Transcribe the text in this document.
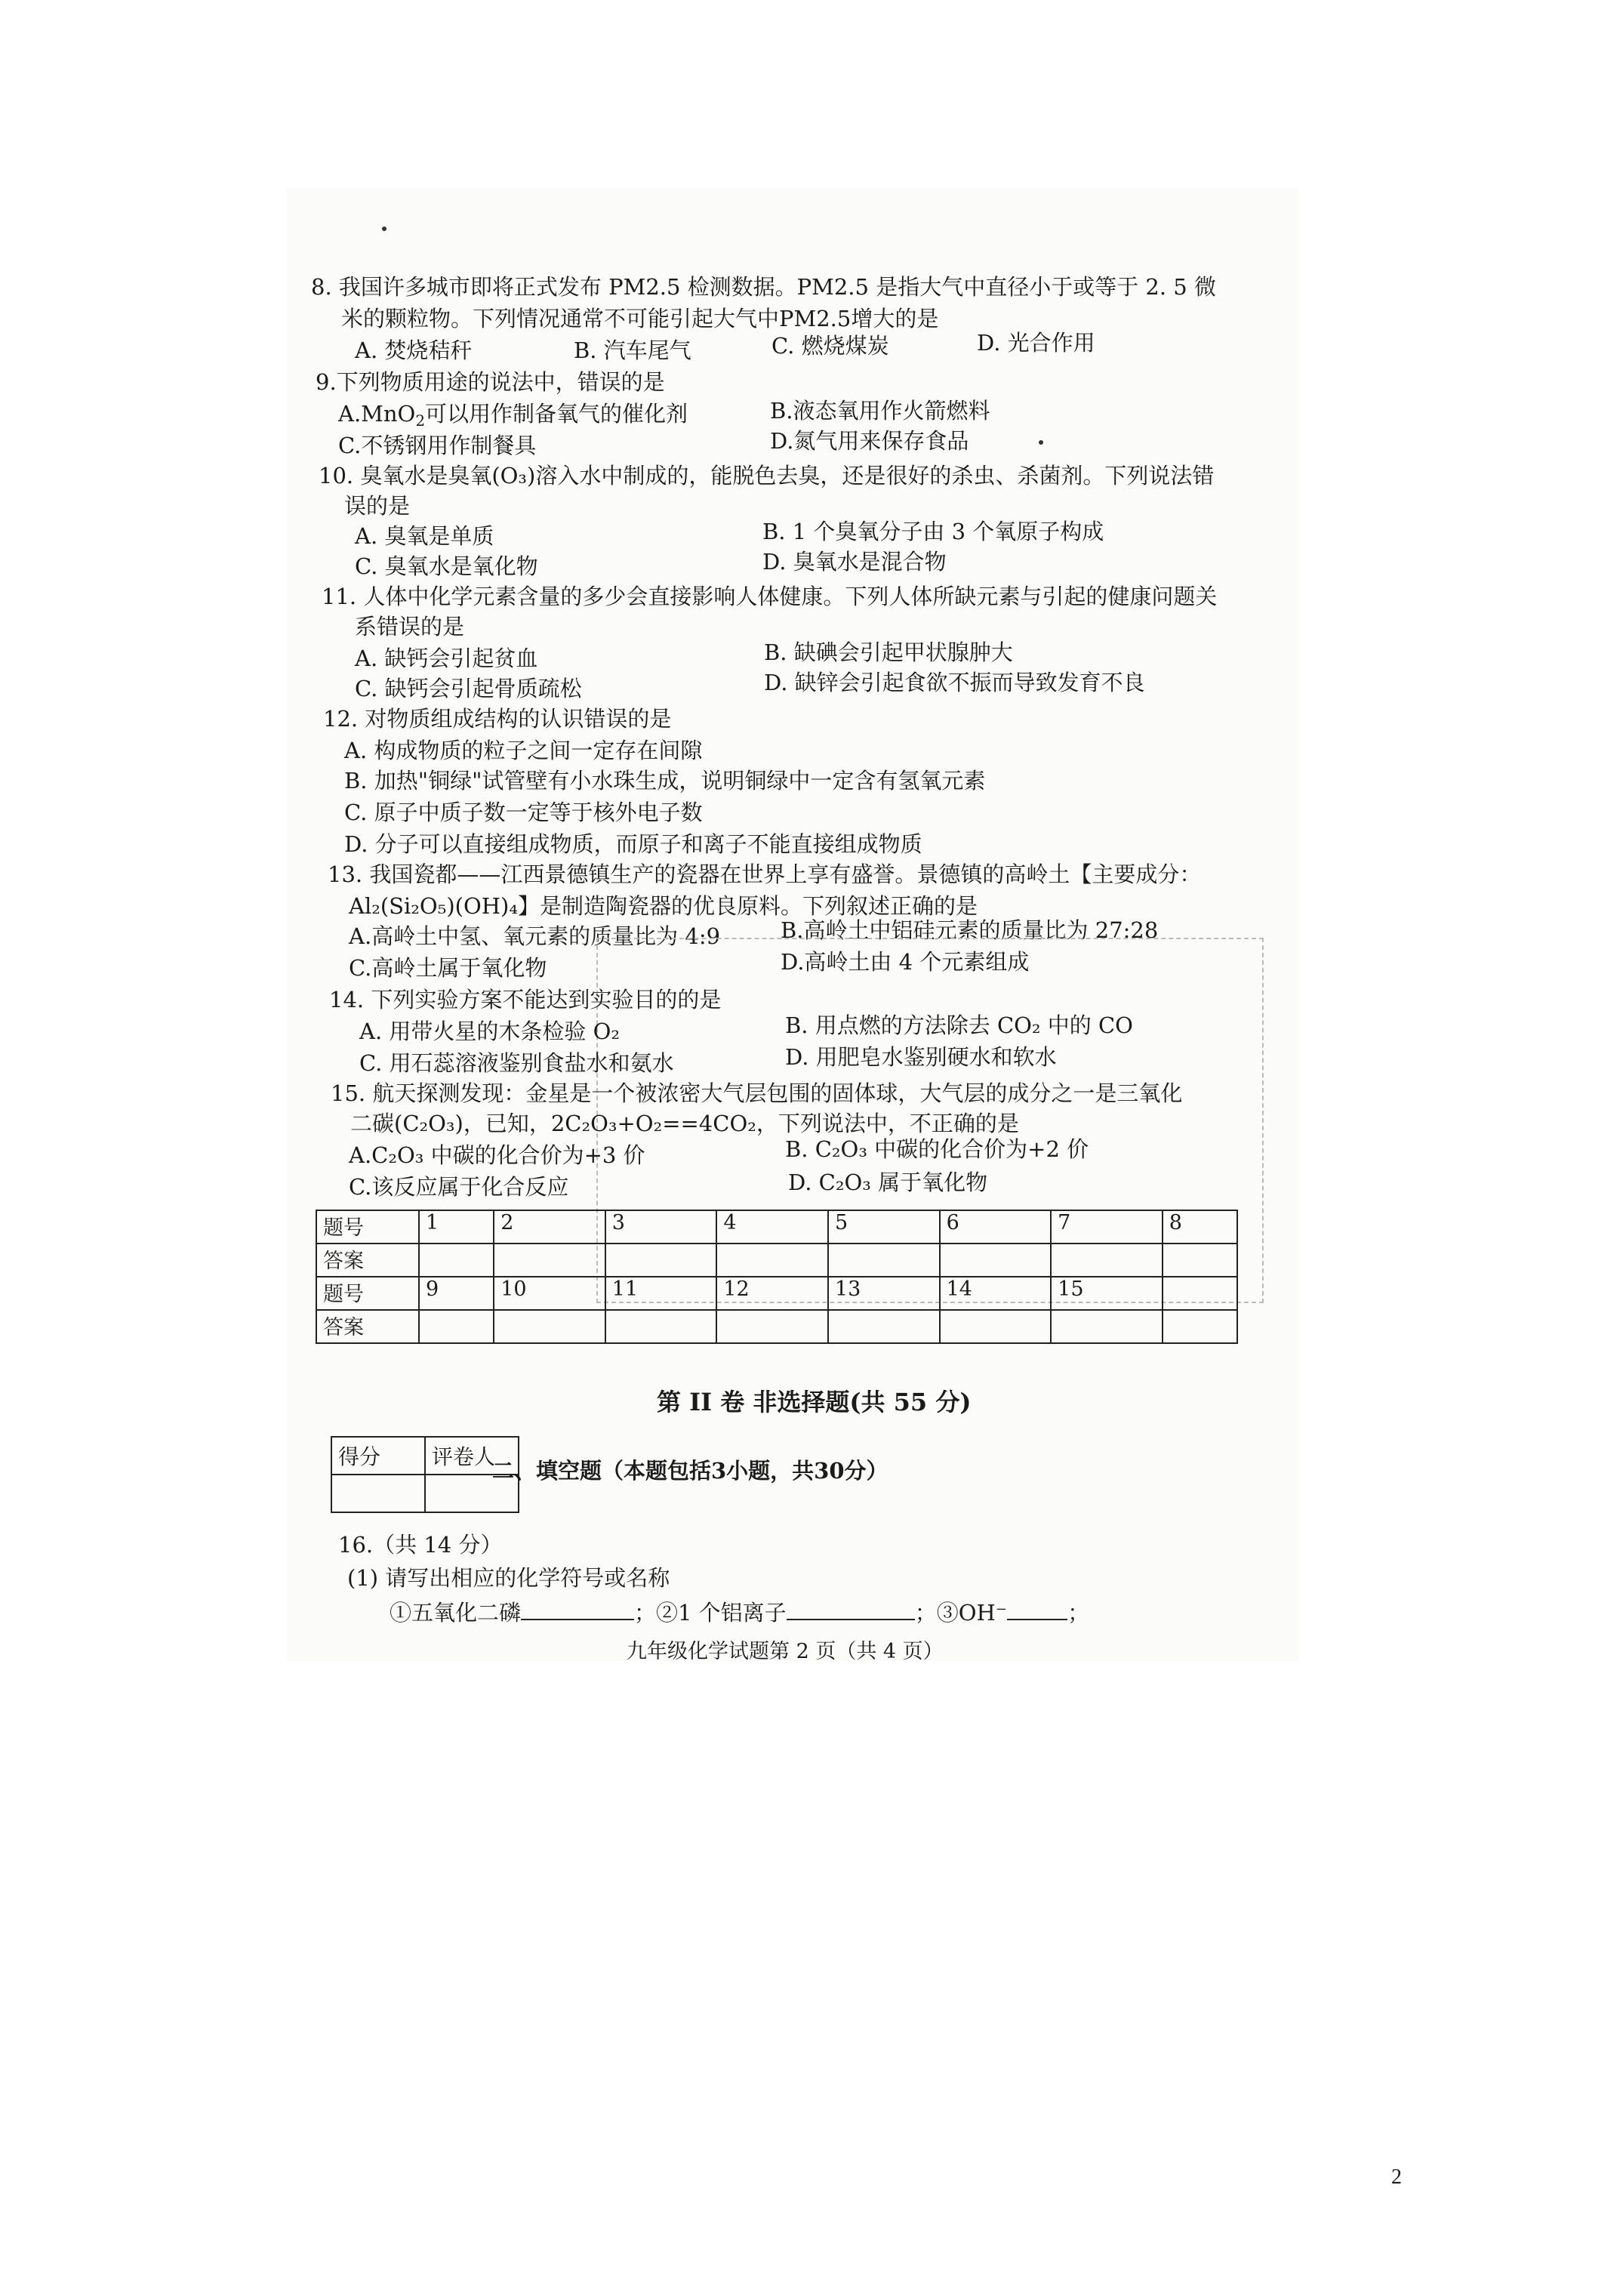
8. 我国许多城市即将正式发布 PM2.5 检测数据。PM2.5 是指大气中直径小于或等于 2. 5 微
米的颗粒物。下列情况通常不可能引起大气中PM2.5增大的是
A. 焚烧秸秆	B. 汽车尾气	C. 燃烧煤炭	D. 光合作用
9.下列物质用途的说法中，错误的是
A.MnO$_2$可以用作制备氧气的催化剂	B.液态氧用作火箭燃料
C.不锈钢用作制餐具	D.氮气用来保存食品
10. 臭氧水是臭氧(O₃)溶入水中制成的，能脱色去臭，还是很好的杀虫、杀菌剂。下列说法错
误的是
A. 臭氧是单质	B. 1 个臭氧分子由 3 个氧原子构成
C. 臭氧水是氧化物	D. 臭氧水是混合物
11. 人体中化学元素含量的多少会直接影响人体健康。下列人体所缺元素与引起的健康问题关
系错误的是
A. 缺钙会引起贫血	B. 缺碘会引起甲状腺肿大
C. 缺钙会引起骨质疏松	D. 缺锌会引起食欲不振而导致发育不良
12. 对物质组成结构的认识错误的是
A. 构成物质的粒子之间一定存在间隙
B. 加热"铜绿"试管壁有小水珠生成，说明铜绿中一定含有氢氧元素
C. 原子中质子数一定等于核外电子数
D. 分子可以直接组成物质，而原子和离子不能直接组成物质
13. 我国瓷都——江西景德镇生产的瓷器在世界上享有盛誉。景德镇的高岭土【主要成分：
Al₂(Si₂O₅)(OH)₄】是制造陶瓷器的优良原料。下列叙述正确的是
A.高岭土中氢、氧元素的质量比为 4:9	B.高岭土中铝硅元素的质量比为 27:28
C.高岭土属于氧化物	D.高岭土由 4 个元素组成
14. 下列实验方案不能达到实验目的的是
A. 用带火星的木条检验 O₂	B. 用点燃的方法除去 CO₂ 中的 CO
C. 用石蕊溶液鉴别食盐水和氨水	D. 用肥皂水鉴别硬水和软水
15. 航天探测发现：金星是一个被浓密大气层包围的固体球，大气层的成分之一是三氧化
二碳(C₂O₃)，已知，2C₂O₃+O₂==4CO₂，下列说法中，不正确的是
A.C₂O₃ 中碳的化合价为+3 价	B. C₂O₃ 中碳的化合价为+2 价
C.该反应属于化合反应	D. C₂O₃ 属于氧化物
题号	1	2	3	4	5	6	7	8
答案								
题号	9	10	11	12	13	14	15	
答案								
第 II 卷 非选择题(共 55 分)
得分	评卷人

二、填空题（本题包括3小题，共30分）
16.（共 14 分）
(1) 请写出相应的化学符号或名称
①五氧化二磷	；②1 个铝离子	；③OH⁻	；
九年级化学试题第 2 页（共 4 页）
2
